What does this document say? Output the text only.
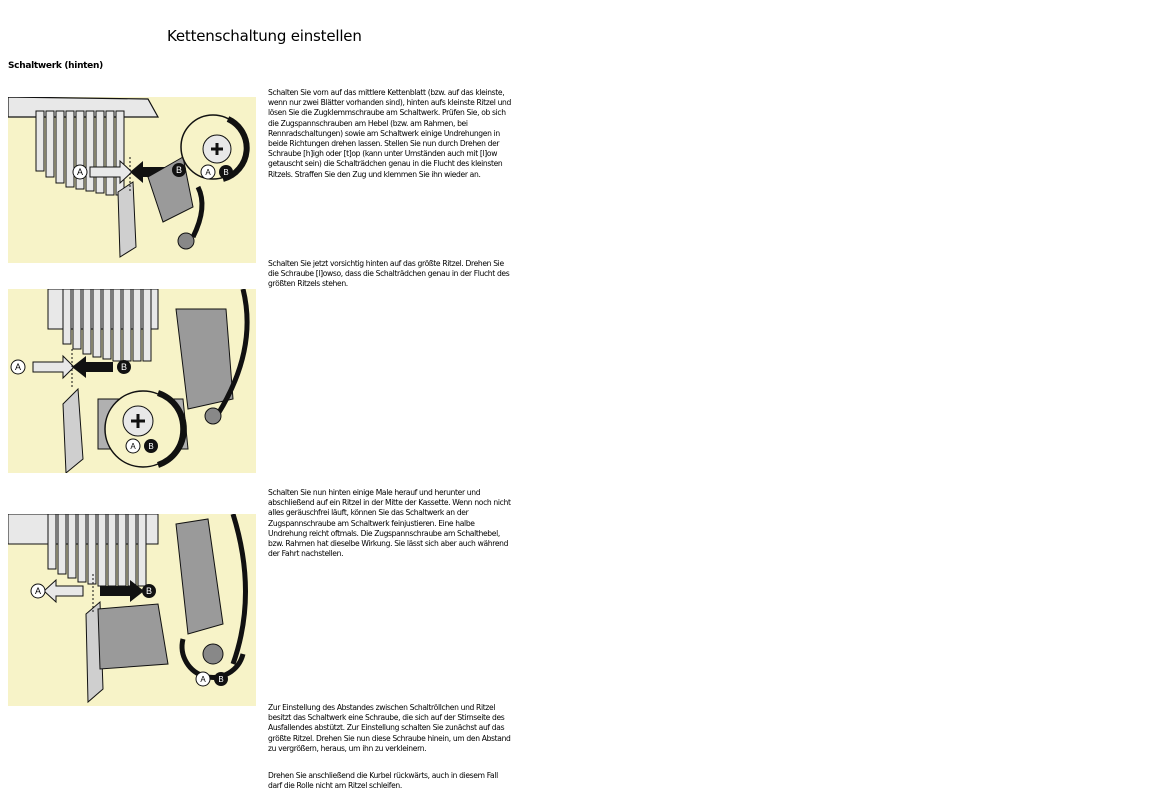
Kettenschaltung einstellen
Schaltwerk (hinten)
A	B	A B
Schalten Sie vorn auf das mittlere Kettenblatt (bzw. auf das kleinste, wenn nur zwei Blätter vorhanden sind), hinten aufs kleinste Ritzel und lösen Sie die Zugklemmschraube am Schaltwerk. Prüfen Sie, ob sich die Zugspannschrauben am Hebel (bzw. am Rahmen, bei Rennradschaltungen) sowie am Schaltwerk einige Undrehungen in beide Richtungen drehen lassen. Stellen Sie nun durch Drehen der Schraube [h]igh oder [t]op (kann unter Umständen auch mit [l]ow getauscht sein) die Schalträdchen genau in die Flucht des kleinsten Ritzels. Straffen Sie den Zug und klemmen Sie ihn wieder an.
Schalten Sie jetzt vorsichtig hinten auf das größte Ritzel. Drehen Sie die Schraube [l]owso, dass die Schalträdchen genau in der Flucht des größten Ritzels stehen.
A	B
A B
Schalten Sie nun hinten einige Male herauf und herunter und abschließend auf ein Ritzel in der Mitte der Kassette. Wenn noch nicht alles geräuschfrei läuft, können Sie das Schaltwerk an der Zugspannschraube am Schaltwerk feinjustieren. Eine halbe Undrehung reicht oftmals. Die Zugspannschraube am Schalthebel, bzw. Rahmen hat dieselbe Wirkung. Sie lässt sich aber auch während der Fahrt nachstellen.
A	B
A B
Zur Einstellung des Abstandes zwischen Schaltröllchen und Ritzel besitzt das Schaltwerk eine Schraube, die sich auf der Stirnseite des Ausfallendes abstützt. Zur Einstellung schalten Sie zunächst auf das größte Ritzel. Drehen Sie nun diese Schraube hinein, um den Abstand zu vergrößern, heraus, um ihn zu verkleinern.
Drehen Sie anschließend die Kurbel rückwärts, auch in diesem Fall darf die Rolle nicht am Ritzel schleifen.
